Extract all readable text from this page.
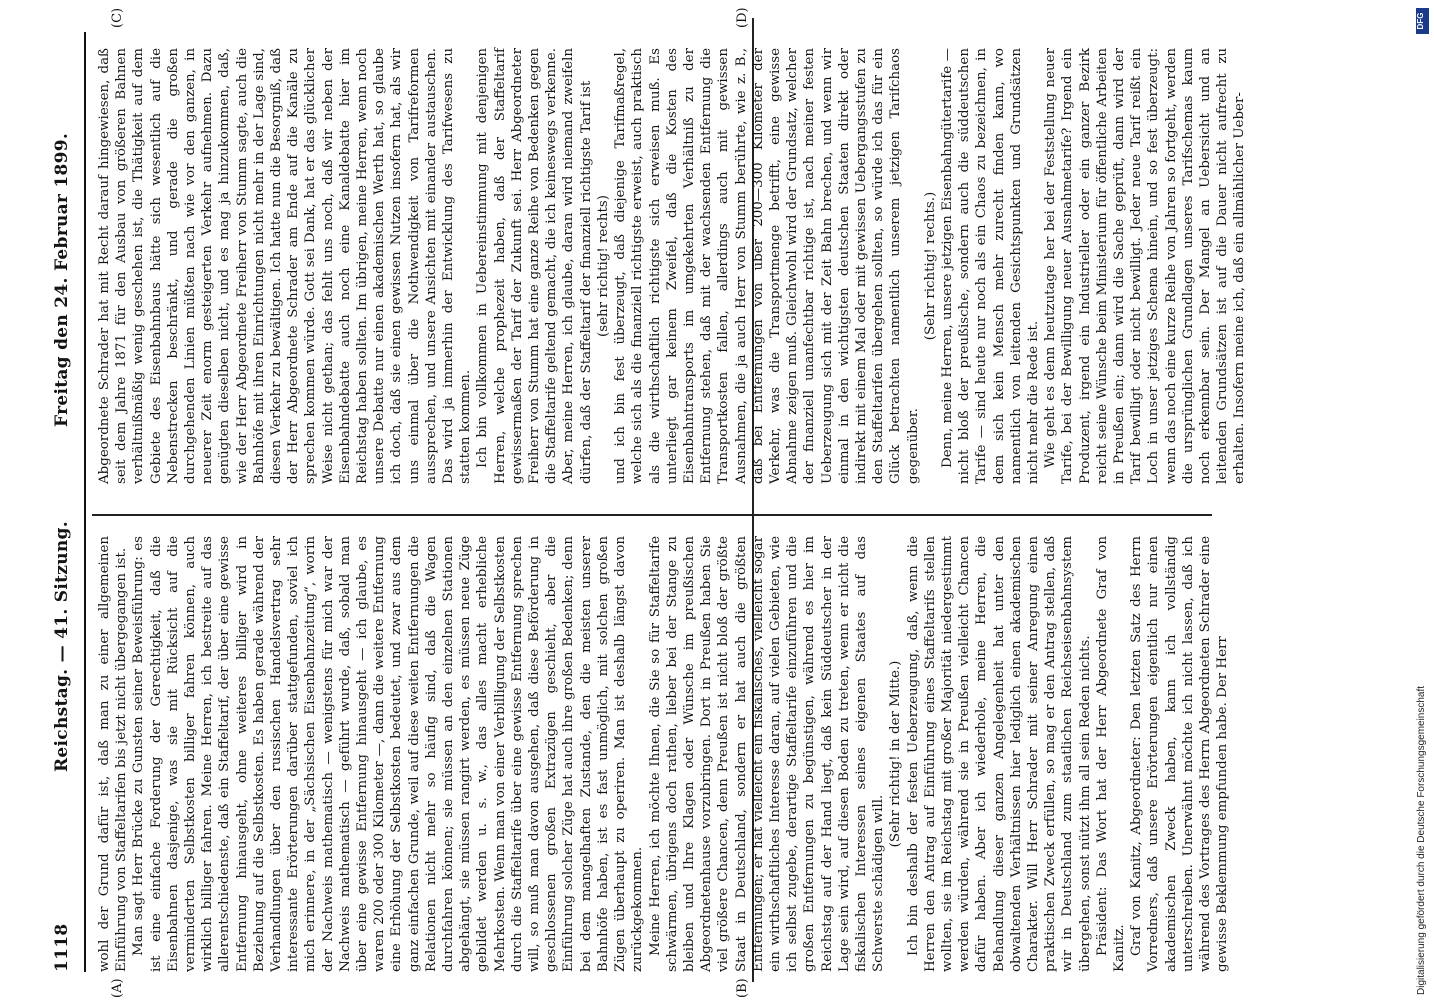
1118
Reichstag. — 41. Sitzung.
Freitag den 24. Februar 1899.
(A)	(B)
(C)	(D)

wohl der Grund dafür ist, daß man zu einer allgemeinen Einführung von Staffeltarifen bis jetzt nicht übergegangen ist. Man sagt Herr Brücke zu Gunsten seiner Beweisführung: es ist eine einfache Forderung der Gerechtigkeit, daß die Eisenbahnen dasjenige, was sie mit Rücksicht auf die verminderten Selbstkosten billiger fahren können, auch wirklich billiger fahren. Meine Herren, ich bestreite auf das allerentschiedenste, daß ein Staffeltarif, der über eine gewisse Entfernung hinausgeht, ohne weiteres billiger wird in Beziehung auf die Selbstkosten. Es haben gerade während der Verhandlungen über den russischen Handelsvertrag sehr interessante Erörterungen darüber stattgefunden, soviel ich mich erinnere, in der „Sächsischen Eisenbahnzeitung“, worin der Nachweis mathematisch — wenigstens für mich war der Nachweis mathematisch — geführt wurde, daß, sobald man über eine gewisse Entfernung hinausgeht — ich glaube, es waren 200 oder 300 Kilometer —, dann die weitere Entfernung eine Erhöhung der Selbstkosten bedeutet, und zwar aus dem ganz einfachen Grunde, weil auf diese weiten Entfernungen die Relationen nicht mehr so häufig sind, daß die Wagen durchfahren können; sie müssen an den einzelnen Stationen abgehängt, sie müssen rangirt werden, es müssen neue Züge gebildet werden u. s. w., das alles macht erhebliche Mehrkosten. Wenn man von einer Verbilligung der Selbstkosten durch die Staffeltarife über eine gewisse Entfernung sprechen will, so muß man davon ausgehen, daß diese Beförderung in geschlossenen großen Extrazügen geschieht, aber die Einführung solcher Züge hat auch ihre großen Bedenken; denn bei dem mangelhaften Zustande, den die meisten unserer Bahnhöfe haben, ist es fast unmöglich, mit solchen großen Zügen überhaupt zu operiren. Man ist deshalb längst davon zurückgekommen. Meine Herren, ich möchte Ihnen, die Sie so für Staffeltarife schwärmen, übrigens doch rathen, lieber bei der Stange zu bleiben und Ihre Klagen oder Wünsche im preußischen Abgeordnetenhause vorzubringen. Dort in Preußen haben Sie viel größere Chancen, denn Preußen ist nicht bloß der größte Staat in Deutschland, sondern er hat auch die größten Entfernungen; er hat vielleicht ein fiskalisches, vielleicht sogar ein wirthschaftliches Interesse daran, auf vielen Gebieten, wie ich selbst zugebe, derartige Staffeltarife einzuführen und die großen Entfernungen zu begünstigen, während es hier im Reichstag auf der Hand liegt, daß kein Süddeutscher in der Lage sein wird, auf diesen Boden zu treten, wenn er nicht die fiskalischen Interessen seines eigenen Staates auf das Schwerste schädigen will.

(Sehr richtig! in der Mitte.) Ich bin deshalb der festen Ueberzeugung, daß, wenn die Herren den Antrag auf Einführung eines Staffeltarifs stellen wollten, sie im Reichstag mit großer Majorität niedergestimmt werden würden, während sie in Preußen vielleicht Chancen dafür haben. Aber ich wiederhole, meine Herren, die Behandlung dieser ganzen Angelegenheit hat unter den obwaltenden Verhältnissen hier lediglich einen akademischen Charakter. Will Herr Schrader mit seiner Anregung einen praktischen Zweck erfüllen, so mag er den Antrag stellen, daß wir in Deutschland zum staatlichen Reichseisenbahnsystem übergehen, sonst nützt ihm all sein Reden nichts. Präsident: Das Wort hat der Herr Abgeordnete Graf von Kanitz. Graf von Kanitz, Abgeordneter: Den letzten Satz des Herrn Vorredners, daß unsere Erörterungen eigentlich nur einen akademischen Zweck haben, kann ich vollständig unterschreiben. Unerwähnt möchte ich nicht lassen, daß ich während des Vortrages des Herrn Abgeordneten Schrader eine gewisse Beklemmung empfunden habe. Der Herr

Abgeordnete Schrader hat mit Recht darauf hingewiesen, daß seit dem Jahre 1871 für den Ausbau von größeren Bahnen verhältnißmäßig wenig geschehen ist, die Thätigkeit auf dem Gebiete des Eisenbahnbaus hätte sich wesentlich auf die Nebenstrecken beschränkt, und gerade die großen durchgehenden Linien müßten nach wie vor den ganzen, in neuerer Zeit enorm gesteigerten Verkehr aufnehmen. Dazu genügten dieselben nicht, und es mag ja hinzukommen, daß, wie der Herr Abgeordnete Freiherr von Stumm sagte, auch die Bahnhöfe mit ihren Einrichtungen nicht mehr in der Lage sind, diesen Verkehr zu bewältigen. Ich hatte nun die Besorgniß, daß der Herr Abgeordnete Schrader am Ende auf die Kanäle zu sprechen kommen würde. Gott sei Dank, hat er das glücklicher Weise nicht gethan; das fehlt uns noch, daß wir neben der Eisenbahndebatte auch noch eine Kanaldebatte hier im Reichstag haben sollten. Im übrigen, meine Herren, wenn noch unsere Debatte nur einen akademischen Werth hat, so glaube ich doch, daß sie einen gewissen Nutzen insofern hat, als wir uns einmal über die Nothwendigkeit von Tarifreformen aussprechen, und unsere Ansichten mit einander austauschen. Das wird ja immerhin der Entwicklung des Tarifwesens zu statten kommen. Ich bin vollkommen in Uebereinstimmung mit denjenigen Herren, welche prophezeit haben, daß der Staffeltarif gewissermaßen der Tarif der Zukunft sei. Herr Abgeordneter Freiherr von Stumm hat eine ganze Reihe von Bedenken gegen die Staffeltarife geltend gemacht, die ich keineswegs verkenne. Aber, meine Herren, ich glaube, daran wird niemand zweifeln dürfen, daß der Staffeltarif der finanziell richtigste Tarif ist (sehr richtig! rechts) und ich bin fest überzeugt, daß diejenige Tarifmaßregel, welche sich als die finanziell richtigste erweist, auch praktisch als die wirthschaftlich richtigste sich erweisen muß. Es unterliegt gar keinem Zweifel, daß die Kosten des Eisenbahntransports im umgekehrten Verhältniß zu der Entfernung stehen, daß mit der wachsenden Entfernung die Transportkosten fallen, allerdings auch mit gewissen Ausnahmen, die ja auch Herr von Stumm berührte, wie z. B., daß bei Entfernungen von über 200—300 Kilometer der Verkehr, was die Transportmenge betrifft, eine gewisse Abnahme zeigen muß. Gleichwohl wird der Grundsatz, welcher der finanziell unanfechtbar richtige ist, nach meiner festen Ueberzeugung sich mit der Zeit Bahn brechen, und wenn wir einmal in den wichtigsten deutschen Staaten direkt oder indirekt mit einem Mal oder mit gewissen Uebergangsstufen zu den Staffeltarifen übergehen sollten, so würde ich das für ein Glück betrachten namentlich unserem jetzigen Tarifchaos gegenüber.

(Sehr richtig! rechts.) Denn, meine Herren, unsere jetzigen Eisenbahngütertarife — nicht bloß der preußische, sondern auch die süddeutschen Tarife — sind heute nur noch als ein Chaos zu bezeichnen, in dem sich kein Mensch mehr zurecht finden kann, wo namentlich von leitenden Gesichtspunkten und Grundsätzen nicht mehr die Rede ist. Wie geht es denn heutzutage her bei der Feststellung neuer Tarife, bei der Bewilligung neuer Ausnahmetarife? Irgend ein Produzent, irgend ein Industrieller oder ein ganzer Bezirk reicht seine Wünsche beim Ministerium für öffentliche Arbeiten in Preußen ein; dann wird die Sache geprüft, dann wird der Tarif bewilligt oder nicht bewilligt. Jeder neue Tarif reißt ein Loch in unser jetziges Schema hinein, und so fest überzeugt: wenn das noch eine kurze Reihe von Jahren so fortgeht, werden die ursprünglichen Grundlagen unseres Tarifschemas kaum noch erkennbar sein. Der Mangel an Uebersicht und an leitenden Grundsätzen ist auf die Dauer nicht aufrecht zu erhalten. Insofern meine ich, daß ein allmählicher Ueber-

DFG
Digitalisierung gefördert durch die Deutsche Forschungsgemeinschaft
